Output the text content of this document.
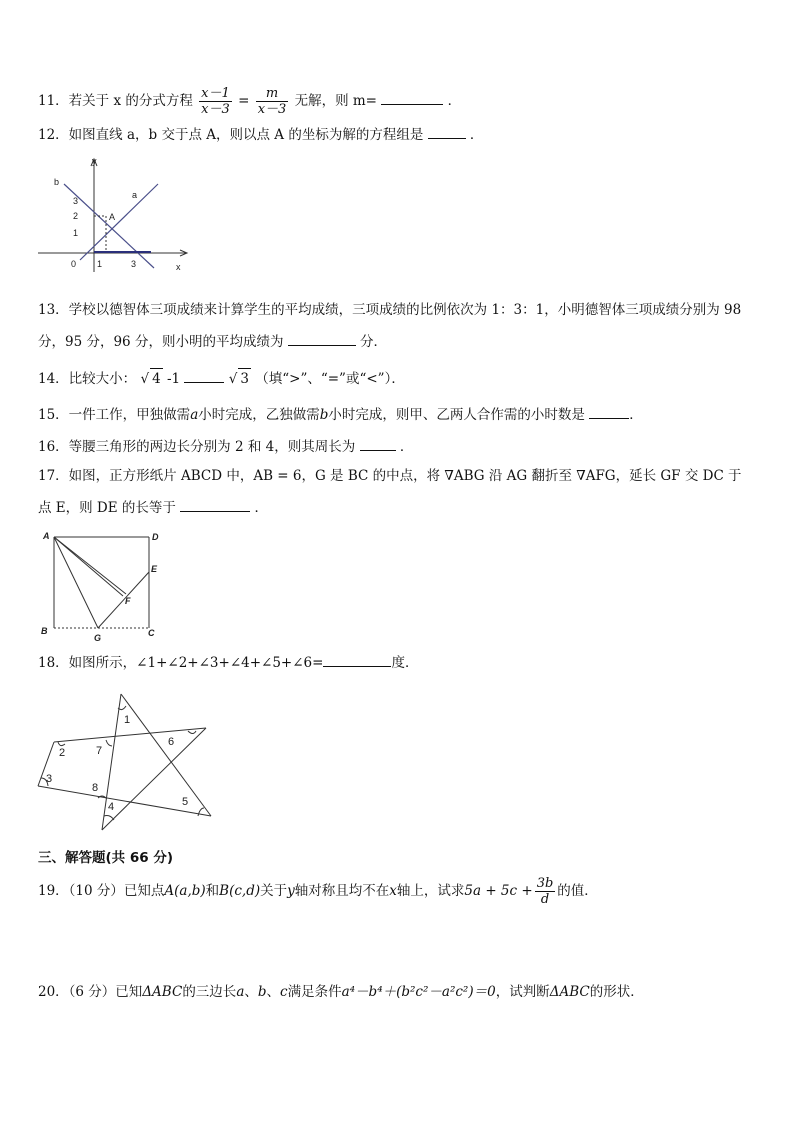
11．若关于 x 的分式方程 $\frac{x-1}{x-3} = \frac{m}{x-3}$ 无解，则 m=	．
12．如图直线 a，b 交于点 A，则以点 A 的坐标为解的方程组是	．
b
a
y
x
A
0
3
2
1
1	3
13．学校以德智体三项成绩来计算学生的平均成绩，三项成绩的比例依次为 1：3：1，小明德智体三项成绩分别为 98
分，95 分，96 分，则小明的平均成绩为	分．
14．比较大小： √ 4 -1	√ 3 （填“>”、“=”或“<”）．
15．一件工作，甲独做需a小时完成，乙独做需b小时完成，则甲、乙两人合作需的小时数是	．
16．等腰三角形的两边长分别为 2 和 4，则其周长为	．
17．如图，正方形纸片 ABCD 中，AB = 6，G 是 BC 的中点，将 ∇ABG 沿 AG 翻折至 ∇AFG，延长 GF 交 DC 于
点 E，则 DE 的长等于	．
A	D
E
F
B
G	C
18．如图所示，∠1+∠2+∠3+∠4+∠5+∠6=	度．
1
2
3
4	5
6
7
8
三、解答题(共 66 分)
19．（10 分）已知点A(a,b)和B(c,d)关于y轴对称且均不在x轴上，试求$5a + 5c + \frac{3b}{d}$ 的值．
20．（6 分）已知ΔABC的三边长a、b、c满足条件a⁴－b⁴＋(b²c²－a²c²)＝0，试判断ΔABC的形状．
